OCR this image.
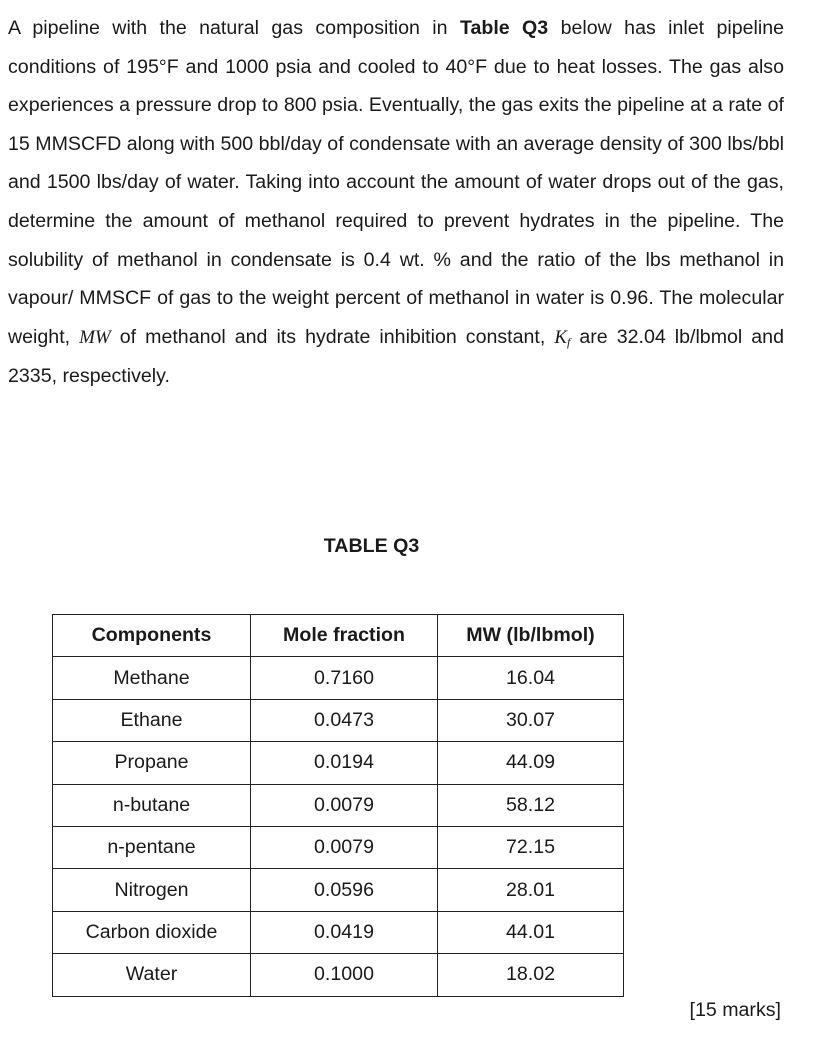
A pipeline with the natural gas composition in Table Q3 below has inlet pipeline conditions of 195°F and 1000 psia and cooled to 40°F due to heat losses. The gas also experiences a pressure drop to 800 psia. Eventually, the gas exits the pipeline at a rate of 15 MMSCFD along with 500 bbl/day of condensate with an average density of 300 lbs/bbl and 1500 lbs/day of water. Taking into account the amount of water drops out of the gas, determine the amount of methanol required to prevent hydrates in the pipeline. The solubility of methanol in condensate is 0.4 wt. % and the ratio of the lbs methanol in vapour/ MMSCF of gas to the weight percent of methanol in water is 0.96. The molecular weight, MW of methanol and its hydrate inhibition constant, $K_f$ are 32.04 lb/lbmol and 2335, respectively.

TABLE Q3

Components	Mole fraction	MW (lb/lbmol)
Methane	0.7160	16.04
Ethane	0.0473	30.07
Propane	0.0194	44.09
n-butane	0.0079	58.12
n-pentane	0.0079	72.15
Nitrogen	0.0596	28.01
Carbon dioxide	0.0419	44.01
Water	0.1000	18.02

[15 marks]
